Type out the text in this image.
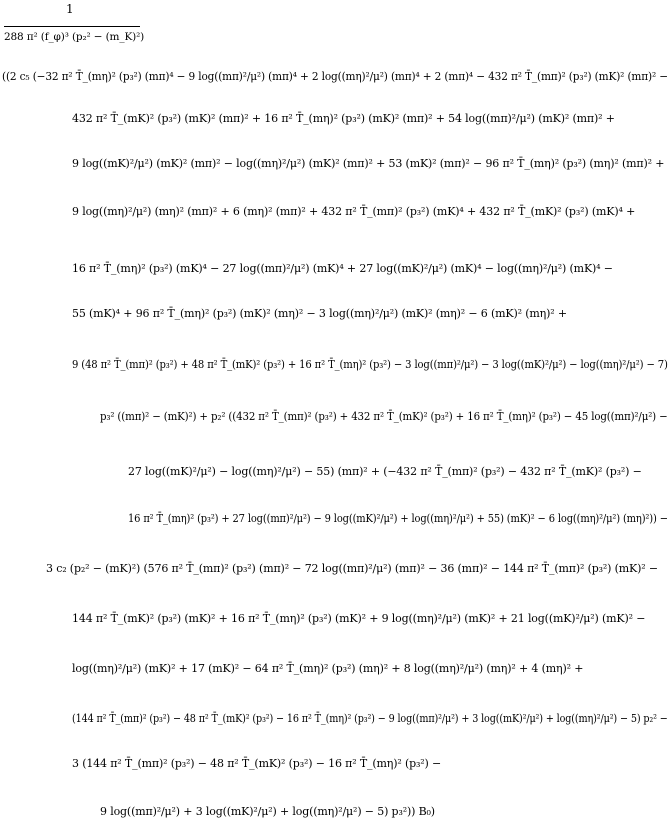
1
288 π² (f_φ)³ (p₂² − (m_K)²)
((2 c₅ (−32 π² T̄_(mη)² (p₃²) (mπ)⁴ − 9 log((mπ)²/μ²) (mπ)⁴ + 2 log((mη)²/μ²) (mπ)⁴ + 2 (mπ)⁴ − 432 π² T̄_(mπ)² (p₃²) (mK)² (mπ)² −
432 π² T̄_(mK)² (p₃²) (mK)² (mπ)² + 16 π² T̄_(mη)² (p₃²) (mK)² (mπ)² + 54 log((mπ)²/μ²) (mK)² (mπ)² +
9 log((mK)²/μ²) (mK)² (mπ)² − log((mη)²/μ²) (mK)² (mπ)² + 53 (mK)² (mπ)² − 96 π² T̄_(mη)² (p₃²) (mη)² (mπ)² +
9 log((mη)²/μ²) (mη)² (mπ)² + 6 (mη)² (mπ)² + 432 π² T̄_(mπ)² (p₃²) (mK)⁴ + 432 π² T̄_(mK)² (p₃²) (mK)⁴ +
16 π² T̄_(mη)² (p₃²) (mK)⁴ − 27 log((mπ)²/μ²) (mK)⁴ + 27 log((mK)²/μ²) (mK)⁴ − log((mη)²/μ²) (mK)⁴ −
55 (mK)⁴ + 96 π² T̄_(mη)² (p₃²) (mK)² (mη)² − 3 log((mη)²/μ²) (mK)² (mη)² − 6 (mK)² (mη)² +
9 (48 π² T̄_(mπ)² (p₃²) + 48 π² T̄_(mK)² (p₃²) + 16 π² T̄_(mη)² (p₃²) − 3 log((mπ)²/μ²) − 3 log((mK)²/μ²) − log((mη)²/μ²) − 7)
p₃² ((mπ)² − (mK)²) + p₂² ((432 π² T̄_(mπ)² (p₃²) + 432 π² T̄_(mK)² (p₃²) + 16 π² T̄_(mη)² (p₃²) − 45 log((mπ)²/μ²) −
27 log((mK)²/μ²) − log((mη)²/μ²) − 55) (mπ)² + (−432 π² T̄_(mπ)² (p₃²) − 432 π² T̄_(mK)² (p₃²) −
16 π² T̄_(mη)² (p₃²) + 27 log((mπ)²/μ²) − 9 log((mK)²/μ²) + log((mη)²/μ²) + 55) (mK)² − 6 log((mη)²/μ²) (mη)²)) −
3 c₂ (p₂² − (mK)²) (576 π² T̄_(mπ)² (p₃²) (mπ)² − 72 log((mπ)²/μ²) (mπ)² − 36 (mπ)² − 144 π² T̄_(mπ)² (p₃²) (mK)² −
144 π² T̄_(mK)² (p₃²) (mK)² + 16 π² T̄_(mη)² (p₃²) (mK)² + 9 log((mη)²/μ²) (mK)² + 21 log((mK)²/μ²) (mK)² −
log((mη)²/μ²) (mK)² + 17 (mK)² − 64 π² T̄_(mη)² (p₃²) (mη)² + 8 log((mη)²/μ²) (mη)² + 4 (mη)² +
(144 π² T̄_(mπ)² (p₃²) − 48 π² T̄_(mK)² (p₃²) − 16 π² T̄_(mη)² (p₃²) − 9 log((mπ)²/μ²) + 3 log((mK)²/μ²) + log((mη)²/μ²) − 5) p₂² −
3 (144 π² T̄_(mπ)² (p₃²) − 48 π² T̄_(mK)² (p₃²) − 16 π² T̄_(mη)² (p₃²) −
9 log((mπ)²/μ²) + 3 log((mK)²/μ²) + log((mη)²/μ²) − 5) p₃²)) B₀)
